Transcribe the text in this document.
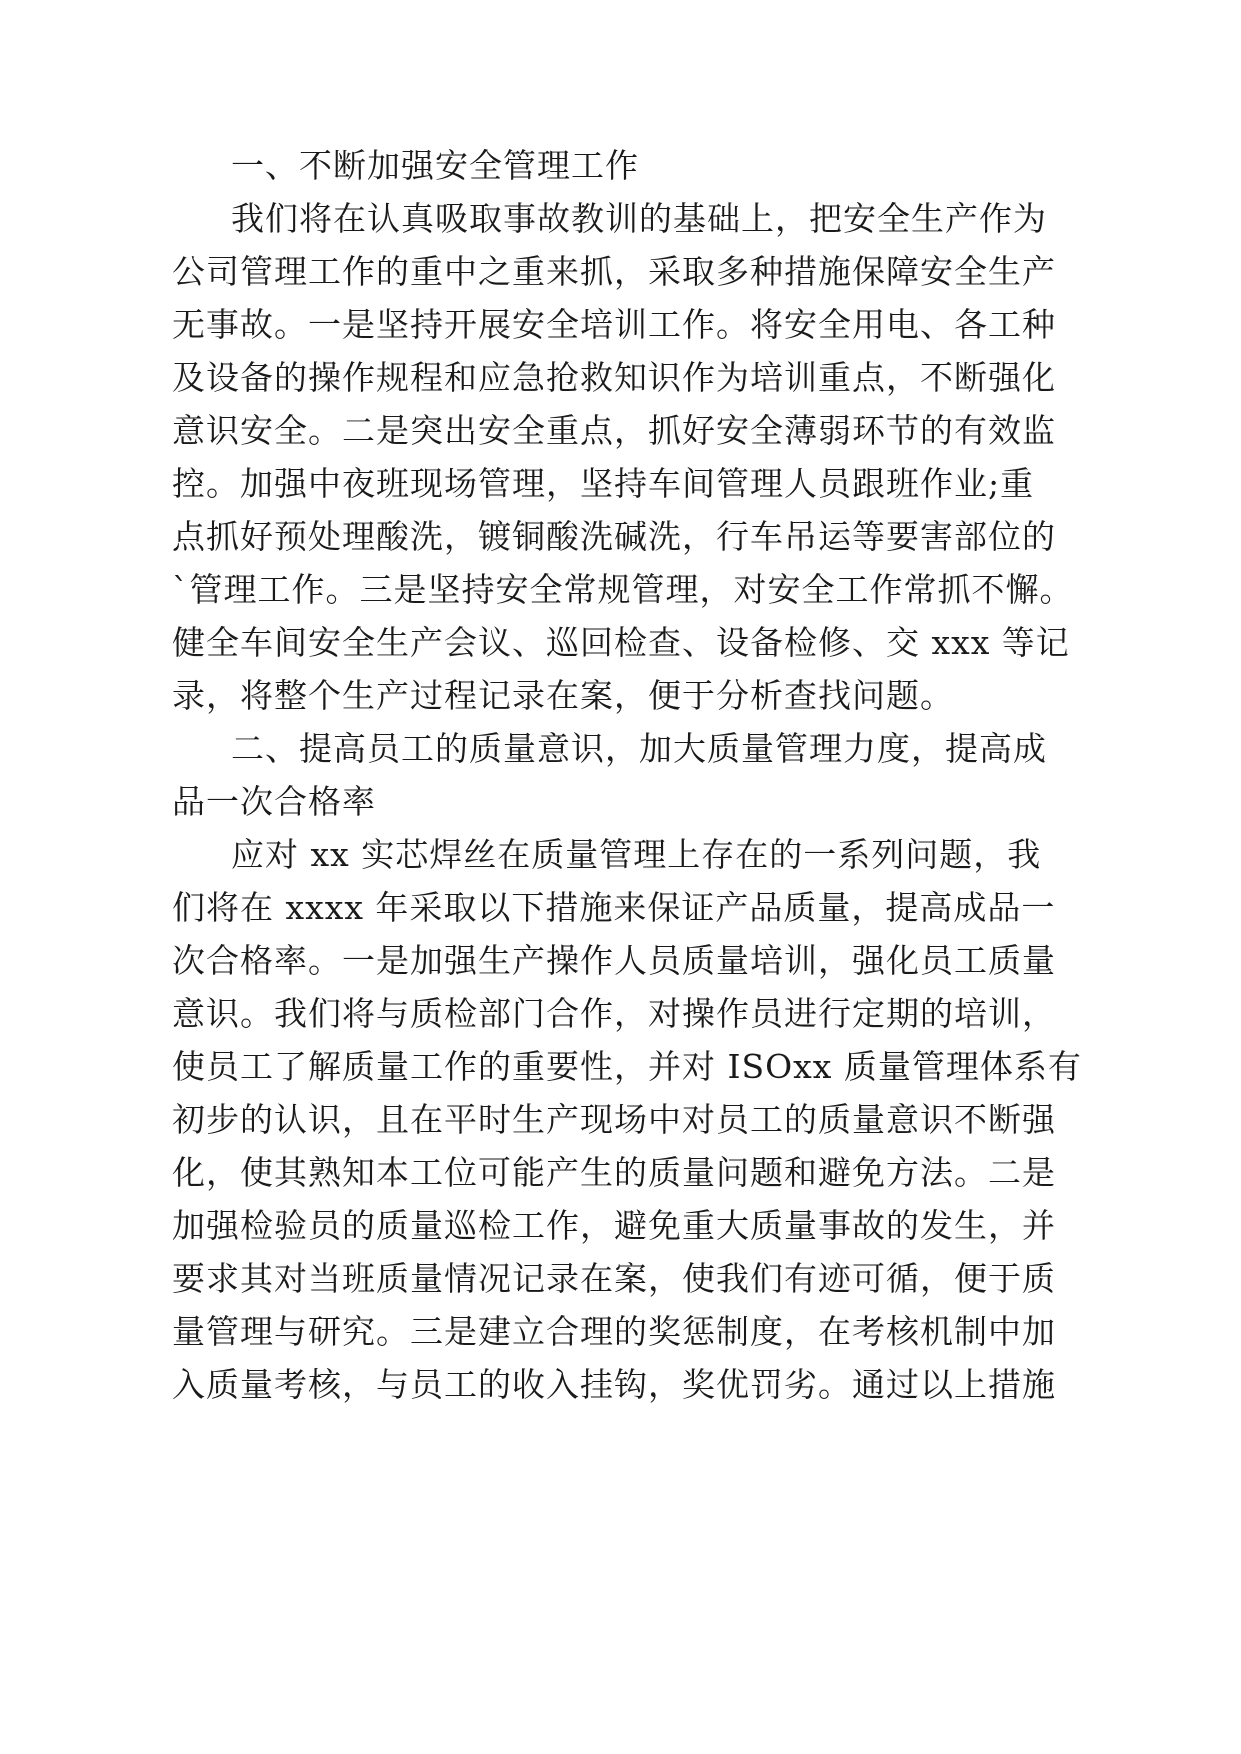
一、不断加强安全管理工作
我们将在认真吸取事故教训的基础上，把安全生产作为
公司管理工作的重中之重来抓，采取多种措施保障安全生产
无事故。一是坚持开展安全培训工作。将安全用电、各工种
及设备的操作规程和应急抢救知识作为培训重点，不断强化
意识安全。二是突出安全重点，抓好安全薄弱环节的有效监
控。加强中夜班现场管理，坚持车间管理人员跟班作业;重
点抓好预处理酸洗，镀铜酸洗碱洗，行车吊运等要害部位的
`管理工作。三是坚持安全常规管理，对安全工作常抓不懈。
健全车间安全生产会议、巡回检查、设备检修、交 xxx 等记
录，将整个生产过程记录在案，便于分析查找问题。
二、提高员工的质量意识，加大质量管理力度，提高成
品一次合格率
应对 xx 实芯焊丝在质量管理上存在的一系列问题，我
们将在 xxxx 年采取以下措施来保证产品质量，提高成品一
次合格率。一是加强生产操作人员质量培训，强化员工质量
意识。我们将与质检部门合作，对操作员进行定期的培训，
使员工了解质量工作的重要性，并对 ISOxx 质量管理体系有
初步的认识，且在平时生产现场中对员工的质量意识不断强
化，使其熟知本工位可能产生的质量问题和避免方法。二是
加强检验员的质量巡检工作，避免重大质量事故的发生，并
要求其对当班质量情况记录在案，使我们有迹可循，便于质
量管理与研究。三是建立合理的奖惩制度，在考核机制中加
入质量考核，与员工的收入挂钩，奖优罚劣。通过以上措施
